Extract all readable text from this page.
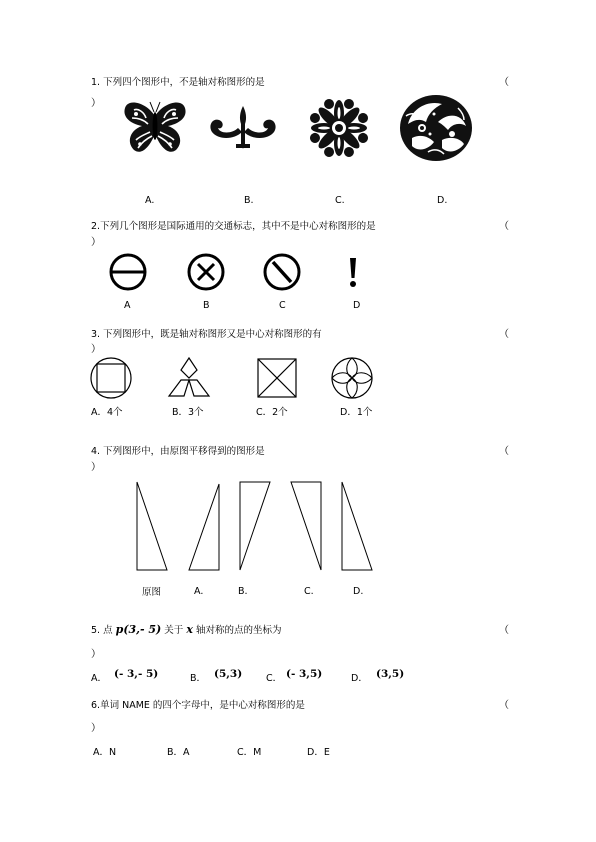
1. 下列四个图形中，不是轴对称图形的是	（
）
A.	B.	C.	D.
2.下列几个图形是国际通用的交通标志，其中不是中心对称图形的是	（
）
A	B	C	D
3. 下列图形中，既是轴对称图形又是中心对称图形的有	（
）
A．4个	B．3个	C．2个	D．1个
4. 下列图形中，由原图平移得到的图形是	（
）
原图	A.	B.	C.	D.
5. 点 p(3,- 5) 关于 x 轴对称的点的坐标为	（
）
A． (- 3,- 5)	B． (5,3)	C． (- 3,5)	D． (3,5)
6.单词 NAME 的四个字母中，是中心对称图形的是	（
）
A．N	B．A	C．M	D．E
